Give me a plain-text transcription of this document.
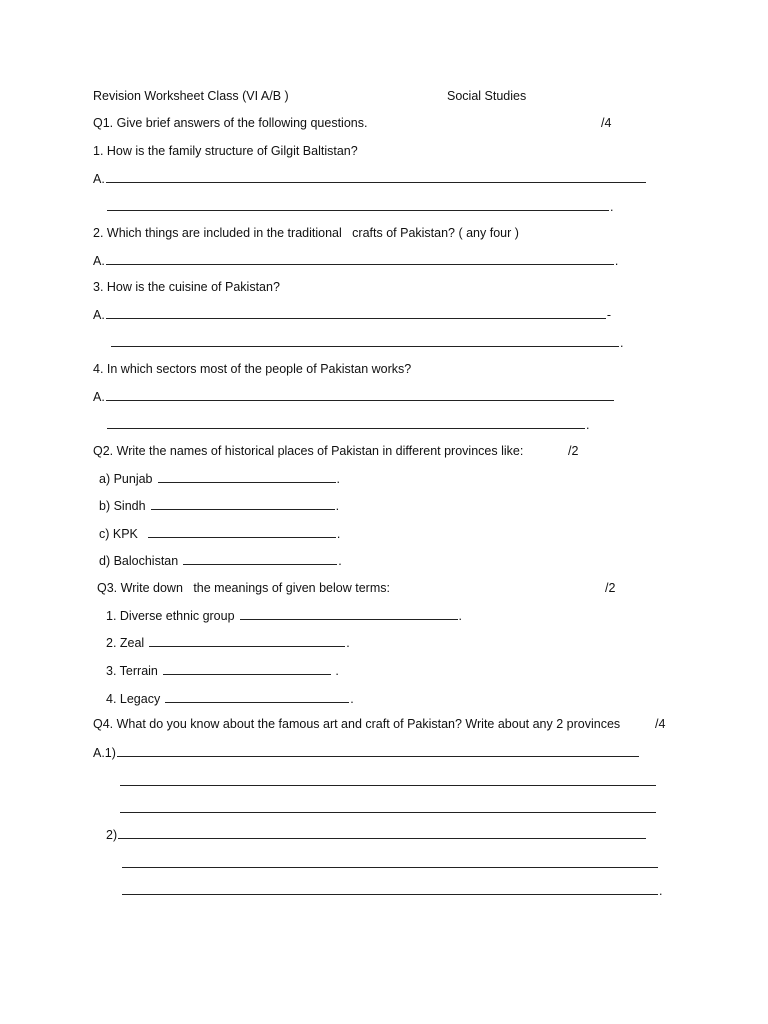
Revision Worksheet Class (VI A/B )	Social Studies
Q1. Give brief answers of the following questions.	/4
1. How is the family structure of Gilgit Baltistan?
A.
.
2. Which things are included in the traditional   crafts of Pakistan? ( any four )
A.	.
3. How is the cuisine of Pakistan?
A.	-
.
4. In which sectors most of the people of Pakistan works?
A.
.
Q2. Write the names of historical places of Pakistan in different provinces like:	/2
a) Punjab	.
b) Sindh	.
c) KPK	.
d) Balochistan	.
Q3. Write down   the meanings of given below terms:	/2
1. Diverse ethnic group	.
2. Zeal	.
3. Terrain	.
4. Legacy	.
Q4. What do you know about the famous art and craft of Pakistan? Write about any 2 provinces	/4
A.1)
2)
.
